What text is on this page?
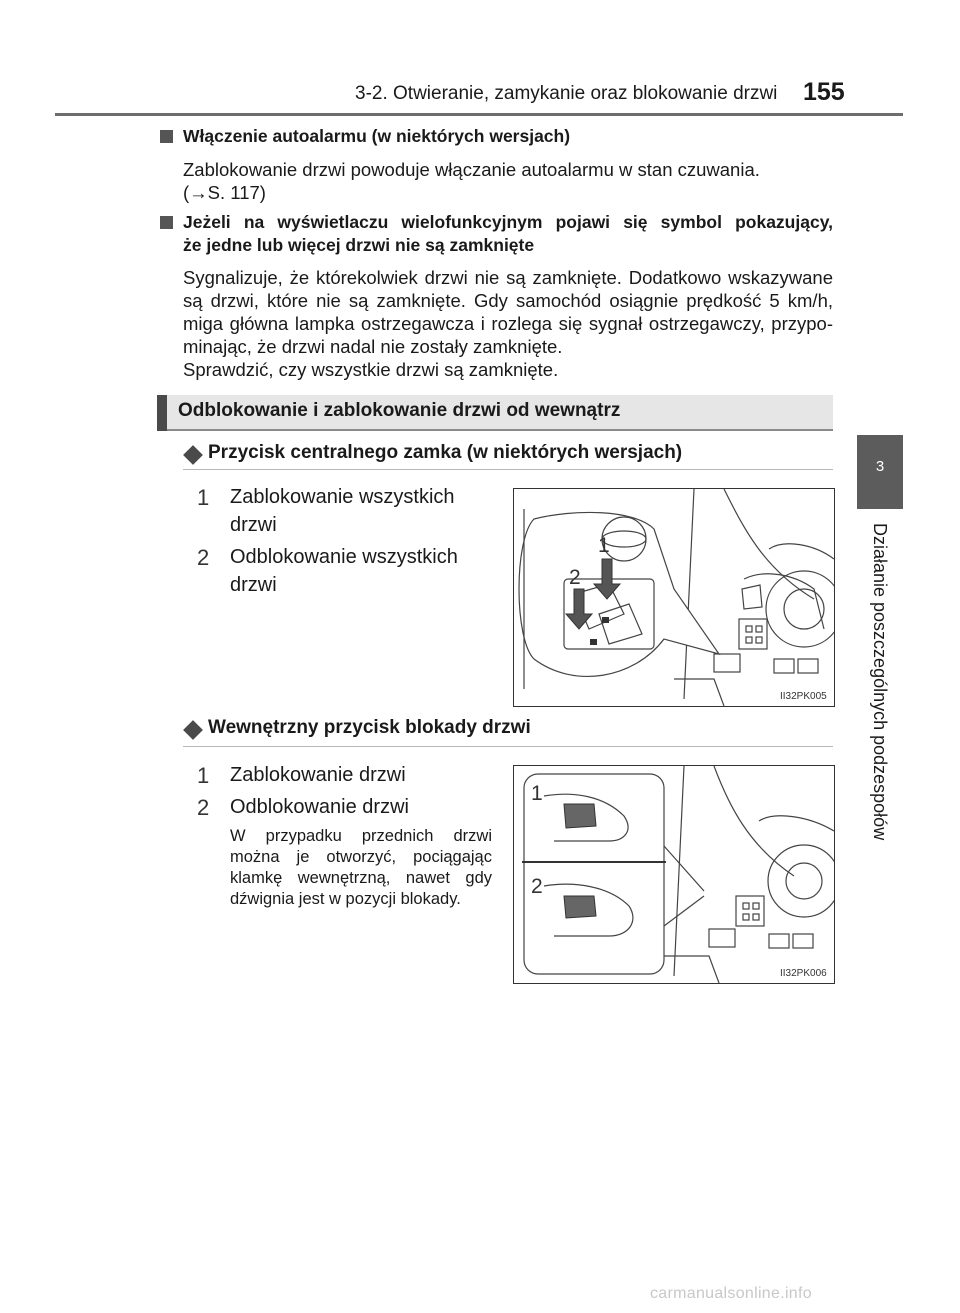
3-2. Otwieranie, zamykanie oraz blokowanie drzwi 155
3
Działanie poszczególnych podzespołów
Włączenie autoalarmu (w niektórych wersjach)
Zablokowanie drzwi powoduje włączanie autoalarmu w stan czuwania.
(→S. 117)
Jeżeli na wyświetlaczu wielofunkcyjnym pojawi się symbol pokazujący,
że jedne lub więcej drzwi nie są zamknięte
Sygnalizuje, że którekolwiek drzwi nie są zamknięte. Dodatkowo wskazywane
są drzwi, które nie są zamknięte. Gdy samochód osiągnie prędkość 5 km/h,
miga główna lampka ostrzegawcza i rozlega się sygnał ostrzegawczy, przypo-
minając, że drzwi nadal nie zostały zamknięte.
Sprawdzić, czy wszystkie drzwi są zamknięte.
Odblokowanie i zablokowanie drzwi od wewnątrz
Przycisk centralnego zamka (w niektórych wersjach)
1 Zablokowanie wszystkich
drzwi
2 Odblokowanie wszystkich
drzwi
1
2
II32PK005
Wewnętrzny przycisk blokady drzwi
1 Zablokowanie drzwi
2 Odblokowanie drzwi
W przypadku przednich drzwi
można je otworzyć, pociągając
klamkę wewnętrzną, nawet gdy
dźwignia jest w pozycji blokady.
1
2
II32PK006
carmanualsonline.info
